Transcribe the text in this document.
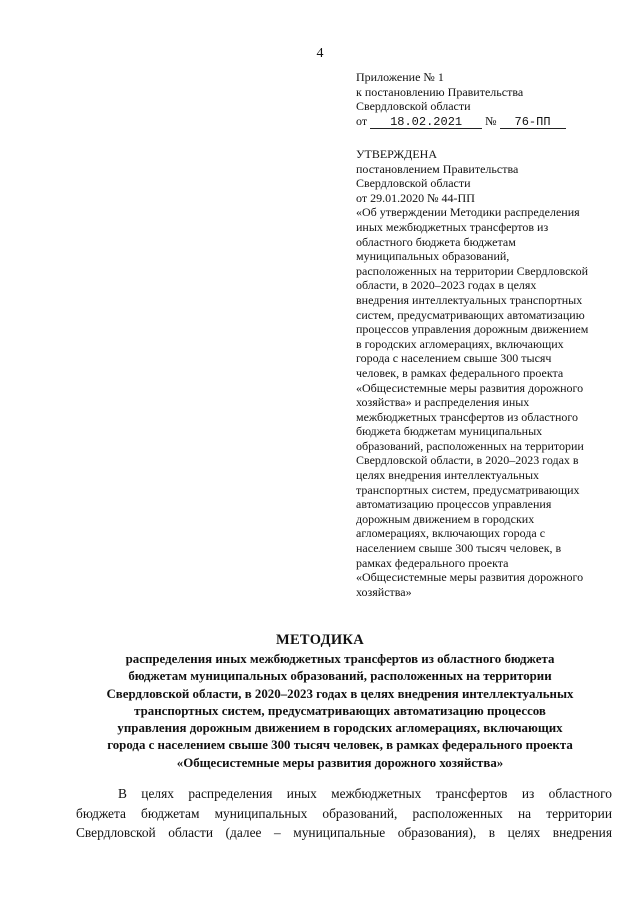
4
Приложение № 1
к постановлению Правительства
Свердловской области
от 18.02.2021 № 76-ПП
УТВЕРЖДЕНА
постановлением Правительства
Свердловской области
от 29.01.2020 № 44-ПП
«Об утверждении Методики распределения
иных межбюджетных трансфертов из
областного бюджета бюджетам
муниципальных образований,
расположенных на территории Свердловской
области, в 2020–2023 годах в целях
внедрения интеллектуальных транспортных
систем, предусматривающих автоматизацию
процессов управления дорожным движением
в городских агломерациях, включающих
города с населением свыше 300 тысяч
человек, в рамках федерального проекта
«Общесистемные меры развития дорожного
хозяйства» и распределения иных
межбюджетных трансфертов из областного
бюджета бюджетам муниципальных
образований, расположенных на территории
Свердловской области, в 2020–2023 годах в
целях внедрения интеллектуальных
транспортных систем, предусматривающих
автоматизацию процессов управления
дорожным движением в городских
агломерациях, включающих города с
населением свыше 300 тысяч человек, в
рамках федерального проекта
«Общесистемные меры развития дорожного
хозяйства»
МЕТОДИКА
распределения иных межбюджетных трансфертов из областного бюджета
бюджетам муниципальных образований, расположенных на территории
Свердловской области, в 2020–2023 годах в целях внедрения интеллектуальных
транспортных систем, предусматривающих автоматизацию процессов
управления дорожным движением в городских агломерациях, включающих
города с населением свыше 300 тысяч человек, в рамках федерального проекта
«Общесистемные меры развития дорожного хозяйства»
В целях распределения иных межбюджетных трансфертов из областного
бюджета бюджетам муниципальных образований, расположенных на территории
Свердловской области (далее – муниципальные образования), в целях внедрения
